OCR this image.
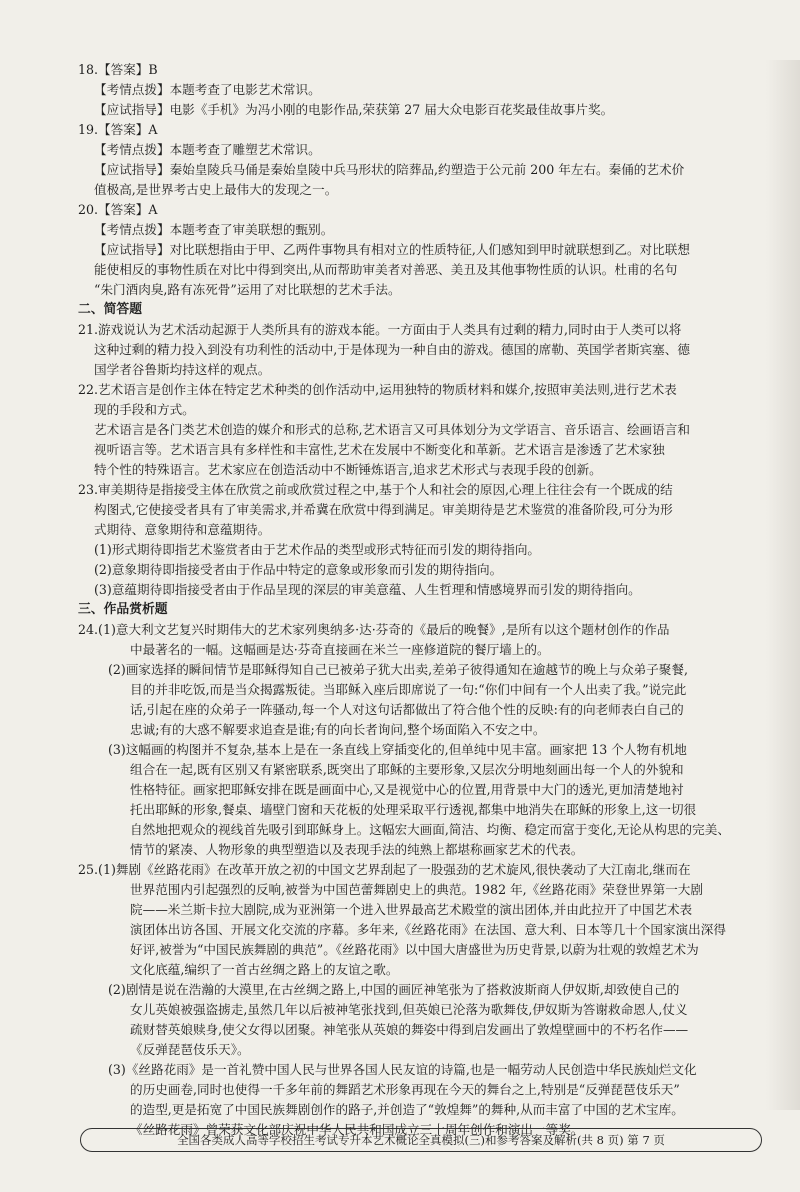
18.【答案】B
【考情点拨】本题考查了电影艺术常识。
【应试指导】电影《手机》为冯小刚的电影作品,荣获第 27 届大众电影百花奖最佳故事片奖。
19.【答案】A
【考情点拨】本题考查了雕塑艺术常识。
【应试指导】秦始皇陵兵马俑是秦始皇陵中兵马形状的陪葬品,约塑造于公元前 200 年左右。秦俑的艺术价
值极高,是世界考古史上最伟大的发现之一。
20.【答案】A
【考情点拨】本题考查了审美联想的甄别。
【应试指导】对比联想指由于甲、乙两件事物具有相对立的性质特征,人们感知到甲时就联想到乙。对比联想
能使相反的事物性质在对比中得到突出,从而帮助审美者对善恶、美丑及其他事物性质的认识。杜甫的名句
“朱门酒肉臭,路有冻死骨”运用了对比联想的艺术手法。
二、简答题
21.游戏说认为艺术活动起源于人类所具有的游戏本能。一方面由于人类具有过剩的精力,同时由于人类可以将
这种过剩的精力投入到没有功利性的活动中,于是体现为一种自由的游戏。德国的席勒、英国学者斯宾塞、德
国学者谷鲁斯均持这样的观点。
22.艺术语言是创作主体在特定艺术种类的创作活动中,运用独特的物质材料和媒介,按照审美法则,进行艺术表
现的手段和方式。
艺术语言是各门类艺术创造的媒介和形式的总称,艺术语言又可具体划分为文学语言、音乐语言、绘画语言和
视听语言等。艺术语言具有多样性和丰富性,艺术在发展中不断变化和革新。艺术语言是渗透了艺术家独
特个性的特殊语言。艺术家应在创造活动中不断锤炼语言,追求艺术形式与表现手段的创新。
23.审美期待是指接受主体在欣赏之前或欣赏过程之中,基于个人和社会的原因,心理上往往会有一个既成的结
构图式,它使接受者具有了审美需求,并希冀在欣赏中得到满足。审美期待是艺术鉴赏的准备阶段,可分为形
式期待、意象期待和意蕴期待。
(1)形式期待即指艺术鉴赏者由于艺术作品的类型或形式特征而引发的期待指向。
(2)意象期待即指接受者由于作品中特定的意象或形象而引发的期待指向。
(3)意蕴期待即指接受者由于作品呈现的深层的审美意蕴、人生哲理和情感境界而引发的期待指向。
三、作品赏析题
24.(1)意大利文艺复兴时期伟大的艺术家列奥纳多·达·芬奇的《最后的晚餐》,是所有以这个题材创作的作品
中最著名的一幅。这幅画是达·芬奇直接画在米兰一座修道院的餐厅墙上的。
(2)画家选择的瞬间情节是耶稣得知自己已被弟子犹大出卖,差弟子彼得通知在逾越节的晚上与众弟子聚餐,
目的并非吃饭,而是当众揭露叛徒。当耶稣入座后即席说了一句:“你们中间有一个人出卖了我。”说完此
话,引起在座的众弟子一阵骚动,每一个人对这句话都做出了符合他个性的反映:有的向老师表白自己的
忠诚;有的大惑不解要求追查是谁;有的向长者询问,整个场面陷入不安之中。
(3)这幅画的构图并不复杂,基本上是在一条直线上穿插变化的,但单纯中见丰富。画家把 13 个人物有机地
组合在一起,既有区别又有紧密联系,既突出了耶稣的主要形象,又层次分明地刻画出每一个人的外貌和
性格特征。画家把耶稣安排在既是画面中心,又是视觉中心的位置,用背景中大门的透光,更加清楚地衬
托出耶稣的形象,餐桌、墙壁门窗和天花板的处理采取平行透视,都集中地消失在耶稣的形象上,这一切很
自然地把观众的视线首先吸引到耶稣身上。这幅宏大画面,简洁、均衡、稳定而富于变化,无论从构思的完美、
情节的紧凑、人物形象的典型塑造以及表现手法的纯熟上都堪称画家艺术的代表。
25.(1)舞剧《丝路花雨》在改革开放之初的中国文艺界刮起了一股强劲的艺术旋风,很快袭动了大江南北,继而在
世界范围内引起强烈的反响,被誉为中国芭蕾舞剧史上的典范。1982 年,《丝路花雨》荣登世界第一大剧
院——米兰斯卡拉大剧院,成为亚洲第一个进入世界最高艺术殿堂的演出团体,并由此拉开了中国艺术表
演团体出访各国、开展文化交流的序幕。多年来,《丝路花雨》在法国、意大利、日本等几十个国家演出深得
好评,被誉为“中国民族舞剧的典范”。《丝路花雨》以中国大唐盛世为历史背景,以蔚为壮观的敦煌艺术为
文化底蕴,编织了一首古丝绸之路上的友谊之歌。
(2)剧情是说在浩瀚的大漠里,在古丝绸之路上,中国的画匠神笔张为了搭救波斯商人伊奴斯,却致使自己的
女儿英娘被强盗掳走,虽然几年以后被神笔张找到,但英娘已沦落为歌舞伎,伊奴斯为答谢救命恩人,仗义
疏财替英娘赎身,使父女得以团聚。神笔张从英娘的舞姿中得到启发画出了敦煌壁画中的不朽名作——
《反弹琵琶伎乐天》。
(3)《丝路花雨》是一首礼赞中国人民与世界各国人民友谊的诗篇,也是一幅劳动人民创造中华民族灿烂文化
的历史画卷,同时也使得一千多年前的舞蹈艺术形象再现在今天的舞台之上,特别是“反弹琵琶伎乐天”
的造型,更是拓宽了中国民族舞剧创作的路子,并创造了“敦煌舞”的舞种,从而丰富了中国的艺术宝库。
《丝路花雨》曾荣获文化部庆祝中华人民共和国成立三十周年创作和演出一等奖。
全国各类成人高等学校招生考试专升本艺术概论全真模拟(三)和参考答案及解析(共 8 页) 第 7 页
